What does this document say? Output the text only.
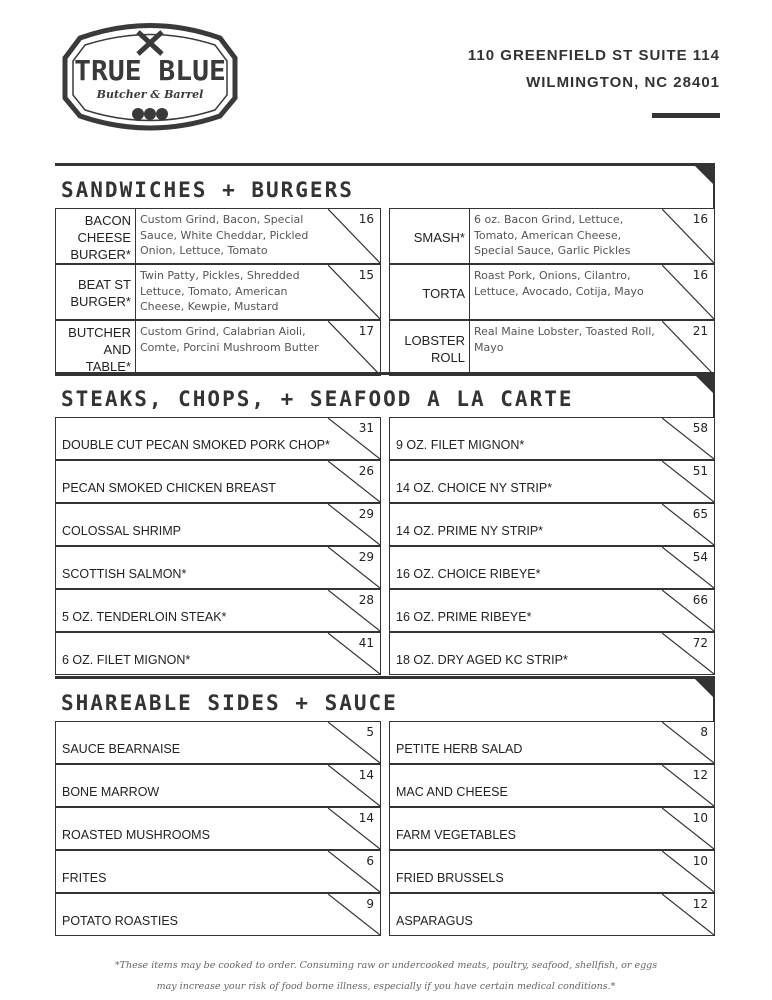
TRUE BLUE
Butcher & Barrel
110 GREENFIELD ST SUITE 114
WILMINGTON, NC 28401
SANDWICHES + BURGERS
BACON CHEESE BURGER*
Custom Grind, Bacon, Special Sauce, White Cheddar, Pickled Onion, Lettuce, Tomato
16
SMASH*
6 oz. Bacon Grind, Lettuce, Tomato, American Cheese, Special Sauce, Garlic Pickles
16
BEAT ST BURGER*
Twin Patty, Pickles, Shredded Lettuce, Tomato, American Cheese, Kewpie, Mustard
15
TORTA
Roast Pork, Onions, Cilantro, Lettuce, Avocado, Cotija, Mayo
16
BUTCHER AND TABLE*
Custom Grind, Calabrian Aioli, Comte, Porcini Mushroom Butter
17
LOBSTER ROLL
Real Maine Lobster, Toasted Roll, Mayo
21
STEAKS, CHOPS, + SEAFOOD A LA CARTE
DOUBLE CUT PECAN SMOKED PORK CHOP*
31
9 OZ. FILET MIGNON*
58
PECAN SMOKED CHICKEN BREAST
26
14 OZ. CHOICE NY STRIP*
51
COLOSSAL SHRIMP
29
14 OZ. PRIME NY STRIP*
65
SCOTTISH SALMON*
29
16 OZ. CHOICE RIBEYE*
54
5 OZ. TENDERLOIN STEAK*
28
16 OZ. PRIME RIBEYE*
66
6 OZ. FILET MIGNON*
41
18 OZ. DRY AGED KC STRIP*
72
SHAREABLE SIDES + SAUCE
SAUCE BEARNAISE
5
PETITE HERB SALAD
8
BONE MARROW
14
MAC AND CHEESE
12
ROASTED MUSHROOMS
14
FARM VEGETABLES
10
FRITES
6
FRIED BRUSSELS
10
POTATO ROASTIES
9
ASPARAGUS
12
*These items may be cooked to order. Consuming raw or undercooked meats, poultry, seafood, shellfish, or eggs
may increase your risk of food borne illness, especially if you have certain medical conditions.*
